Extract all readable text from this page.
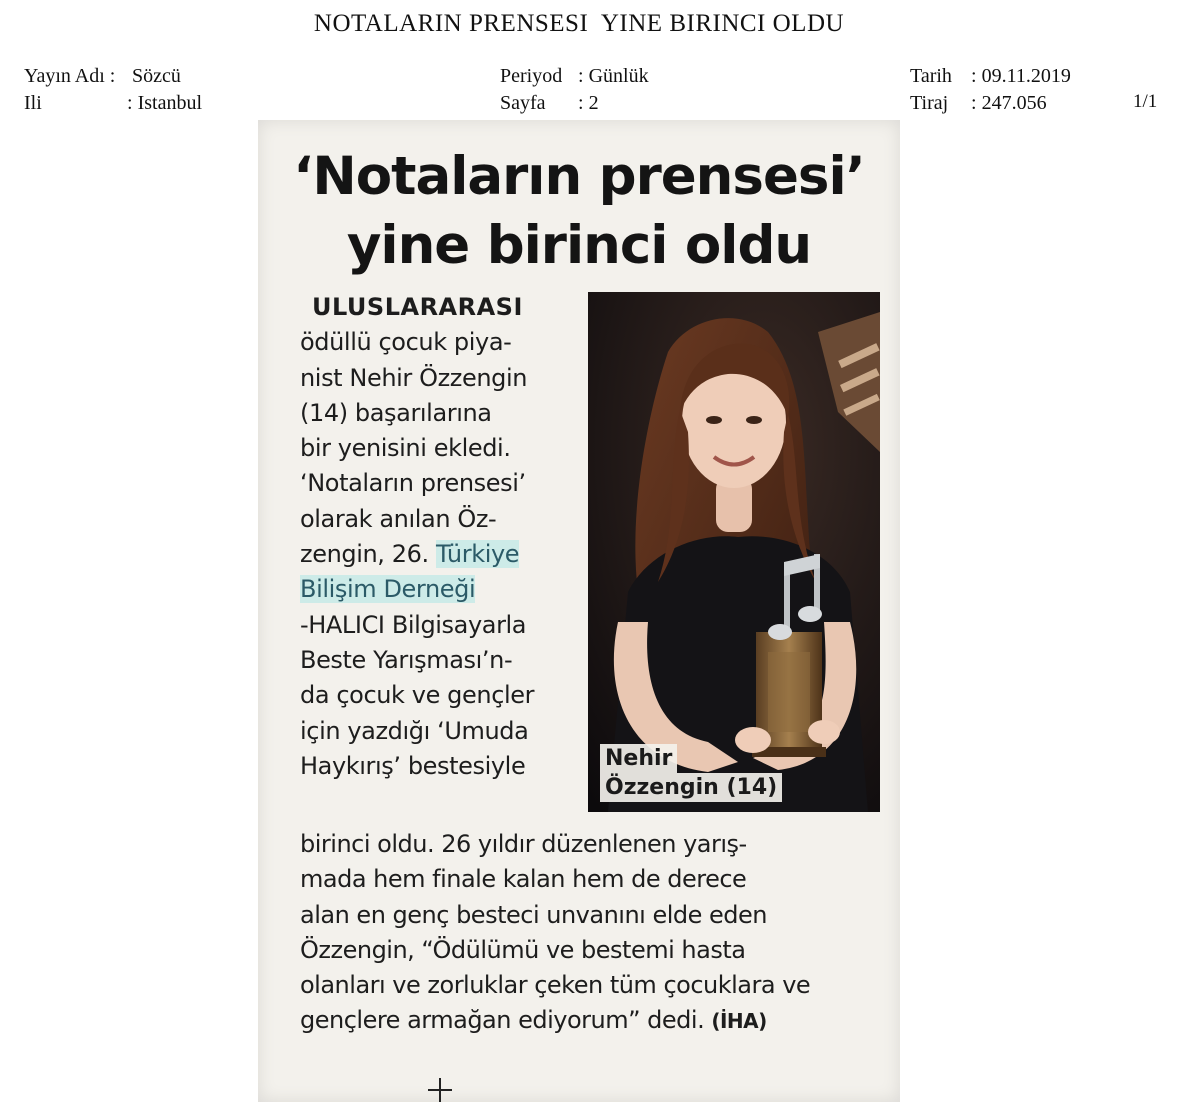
NOTALARIN PRENSESI  YINE BIRINCI OLDU
Yayın Adı : Sözcü
Ili	: Istanbul
Periyod : Günlük
Sayfa : 2
Tarih : 09.11.2019
Tiraj : 247.056	1/1
‘Notaların prensesi’
yine birinci oldu
Nehir
Özzengin (14)
ULUSLARARASI
ödüllü çocuk piya-
nist Nehir Özzengin
(14) başarılarına
bir yenisini ekledi.
‘Notaların prensesi’
olarak anılan Öz-
zengin, 26. Türkiye
Bilişim Derneği
-HALICI Bilgisayarla
Beste Yarışması’n-
da çocuk ve gençler
için yazdığı ‘Umuda
Haykırış’ bestesiyle
birinci oldu. 26 yıldır düzenlenen yarış-
mada hem finale kalan hem de derece
alan en genç besteci unvanını elde eden
Özzengin, “Ödülümü ve bestemi hasta
olanları ve zorluklar çeken tüm çocuklara ve
gençlere armağan ediyorum” dedi. (İHA)
